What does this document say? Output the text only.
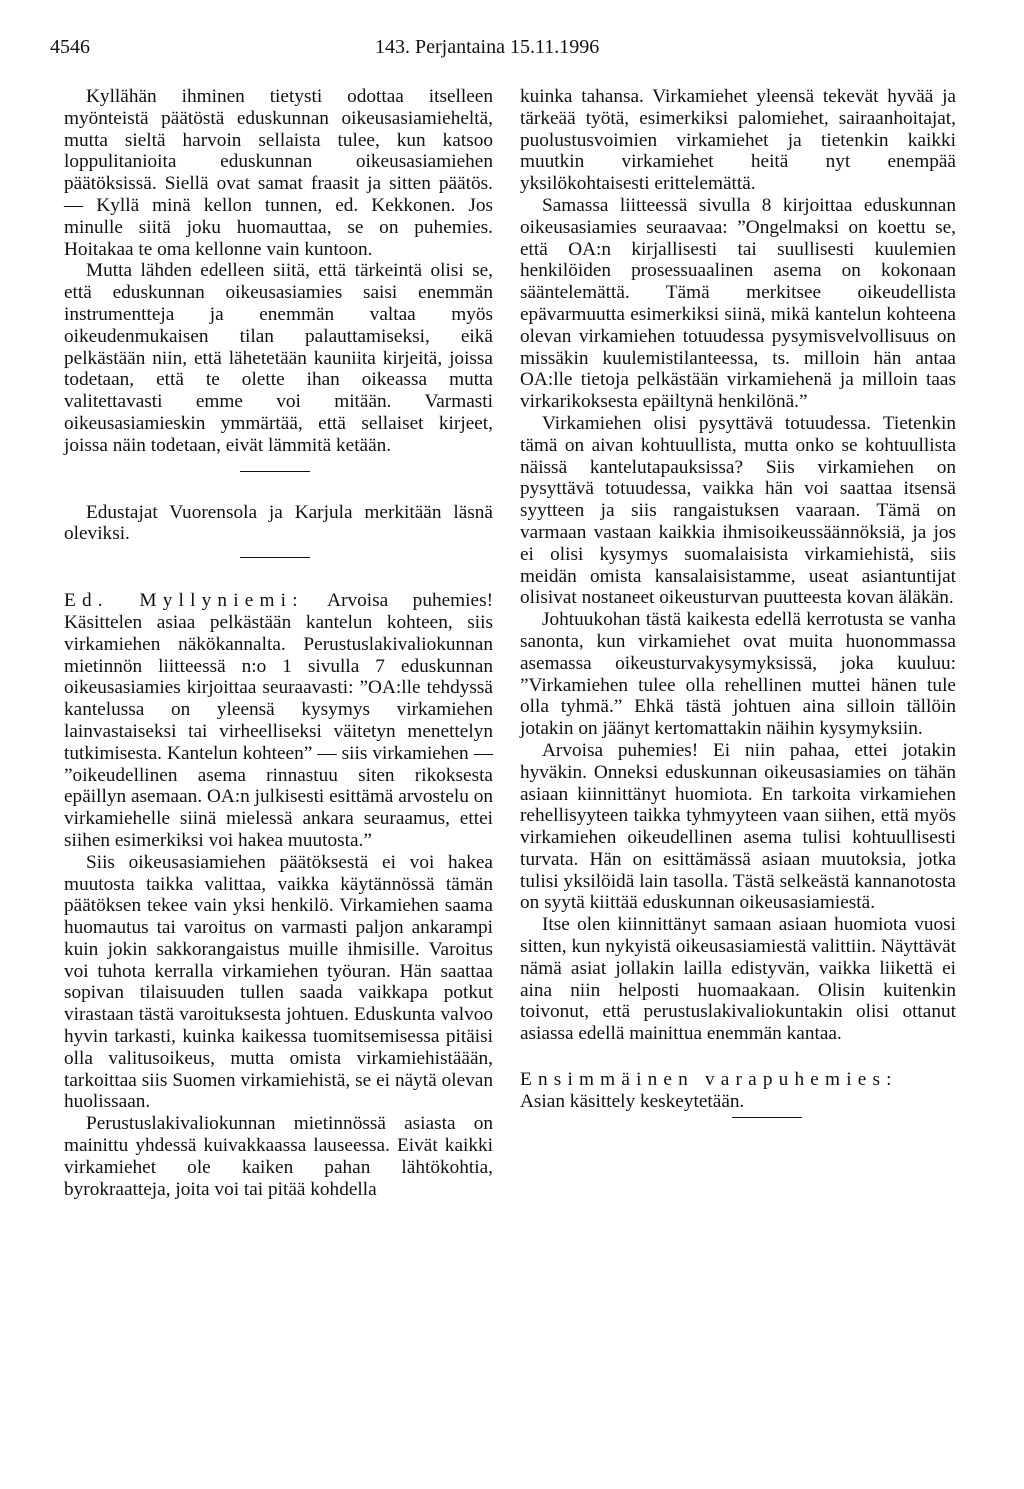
4546	143. Perjantaina 15.11.1996

Kyllähän ihminen tietysti odottaa itselleen myönteistä päätöstä eduskunnan oikeusasiamieheltä, mutta sieltä harvoin sellaista tulee, kun katsoo loppulitanioita eduskunnan oikeusasiamiehen päätöksissä. Siellä ovat samat fraasit ja sitten päätös. — Kyllä minä kellon tunnen, ed. Kekkonen. Jos minulle siitä joku huomauttaa, se on puhemies. Hoitakaa te oma kellonne vain kuntoon.

Mutta lähden edelleen siitä, että tärkeintä olisi se, että eduskunnan oikeusasiamies saisi enemmän instrumentteja ja enemmän valtaa myös oikeudenmukaisen tilan palauttamiseksi, eikä pelkästään niin, että lähetetään kauniita kirjeitä, joissa todetaan, että te olette ihan oikeassa mutta valitettavasti emme voi mitään. Varmasti oikeusasiamieskin ymmärtää, että sellaiset kirjeet, joissa näin todetaan, eivät lämmitä ketään.

Edustajat Vuorensola ja Karjula merkitään läsnä oleviksi.

Ed. Myllyniemi: Arvoisa puhemies! Käsittelen asiaa pelkästään kantelun kohteen, siis virkamiehen näkökannalta. Perustuslakivaliokunnan mietinnön liitteessä n:o 1 sivulla 7 eduskunnan oikeusasiamies kirjoittaa seuraavasti: ”OA:lle tehdyssä kantelussa on yleensä kysymys virkamiehen lainvastaiseksi tai virheelliseksi väitetyn menettelyn tutkimisesta. Kantelun kohteen” — siis virkamiehen — ”oikeudellinen asema rinnastuu siten rikoksesta epäillyn asemaan. OA:n julkisesti esittämä arvostelu on virkamiehelle siinä mielessä ankara seuraamus, ettei siihen esimerkiksi voi hakea muutosta.”

Siis oikeusasiamiehen päätöksestä ei voi hakea muutosta taikka valittaa, vaikka käytännössä tämän päätöksen tekee vain yksi henkilö. Virkamiehen saama huomautus tai varoitus on varmasti paljon ankarampi kuin jokin sakkorangaistus muille ihmisille. Varoitus voi tuhota kerralla virkamiehen työuran. Hän saattaa sopivan tilaisuuden tullen saada vaikkapa potkut virastaan tästä varoituksesta johtuen. Eduskunta valvoo hyvin tarkasti, kuinka kaikessa tuomitsemisessa pitäisi olla valitusoikeus, mutta omista virkamiehistäään, tarkoittaa siis Suomen virkamiehistä, se ei näytä olevan huolissaan.

Perustuslakivaliokunnan mietinnössä asiasta on mainittu yhdessä kuivakkaassa lauseessa. Eivät kaikki virkamiehet ole kaiken pahan lähtökohtia, byrokraatteja, joita voi tai pitää kohdella

kuinka tahansa. Virkamiehet yleensä tekevät hyvää ja tärkeää työtä, esimerkiksi palomiehet, sairaanhoitajat, puolustusvoimien virkamiehet ja tietenkin kaikki muutkin virkamiehet heitä nyt enempää yksilökohtaisesti erittelemättä.

Samassa liitteessä sivulla 8 kirjoittaa eduskunnan oikeusasiamies seuraavaa: ”Ongelmaksi on koettu se, että OA:n kirjallisesti tai suullisesti kuulemien henkilöiden prosessuaalinen asema on kokonaan sääntelemättä. Tämä merkitsee oikeudellista epävarmuutta esimerkiksi siinä, mikä kantelun kohteena olevan virkamiehen totuudessa pysymisvelvollisuus on missäkin kuulemistilanteessa, ts. milloin hän antaa OA:lle tietoja pelkästään virkamiehenä ja milloin taas virkarikoksesta epäiltynä henkilönä.”

Virkamiehen olisi pysyttävä totuudessa. Tietenkin tämä on aivan kohtuullista, mutta onko se kohtuullista näissä kantelutapauksissa? Siis virkamiehen on pysyttävä totuudessa, vaikka hän voi saattaa itsensä syytteen ja siis rangaistuksen vaaraan. Tämä on varmaan vastaan kaikkia ihmisoikeussäännöksiä, ja jos ei olisi kysymys suomalaisista virkamiehistä, siis meidän omista kansalaisistamme, useat asiantuntijat olisivat nostaneet oikeusturvan puutteesta kovan äläkän.

Johtuukohan tästä kaikesta edellä kerrotusta se vanha sanonta, kun virkamiehet ovat muita huonommassa asemassa oikeusturvakysymyksissä, joka kuuluu: ”Virkamiehen tulee olla rehellinen muttei hänen tule olla tyhmä.” Ehkä tästä johtuen aina silloin tällöin jotakin on jäänyt kertomattakin näihin kysymyksiin.

Arvoisa puhemies! Ei niin pahaa, ettei jotakin hyväkin. Onneksi eduskunnan oikeusasiamies on tähän asiaan kiinnittänyt huomiota. En tarkoita virkamiehen rehellisyyteen taikka tyhmyyteen vaan siihen, että myös virkamiehen oikeudellinen asema tulisi kohtuullisesti turvata. Hän on esittämässä asiaan muutoksia, jotka tulisi yksilöidä lain tasolla. Tästä selkeästä kannanotosta on syytä kiittää eduskunnan oikeusasiamiestä.

Itse olen kiinnittänyt samaan asiaan huomiota vuosi sitten, kun nykyistä oikeusasiamiestä valittiin. Näyttävät nämä asiat jollakin lailla edistyvän, vaikka liikettä ei aina niin helposti huomaakaan. Olisin kuitenkin toivonut, että perustuslakivaliokuntakin olisi ottanut asiassa edellä mainittua enemmän kantaa.

Ensimmäinen varapuhemies:

Asian käsittely keskeytetään.
